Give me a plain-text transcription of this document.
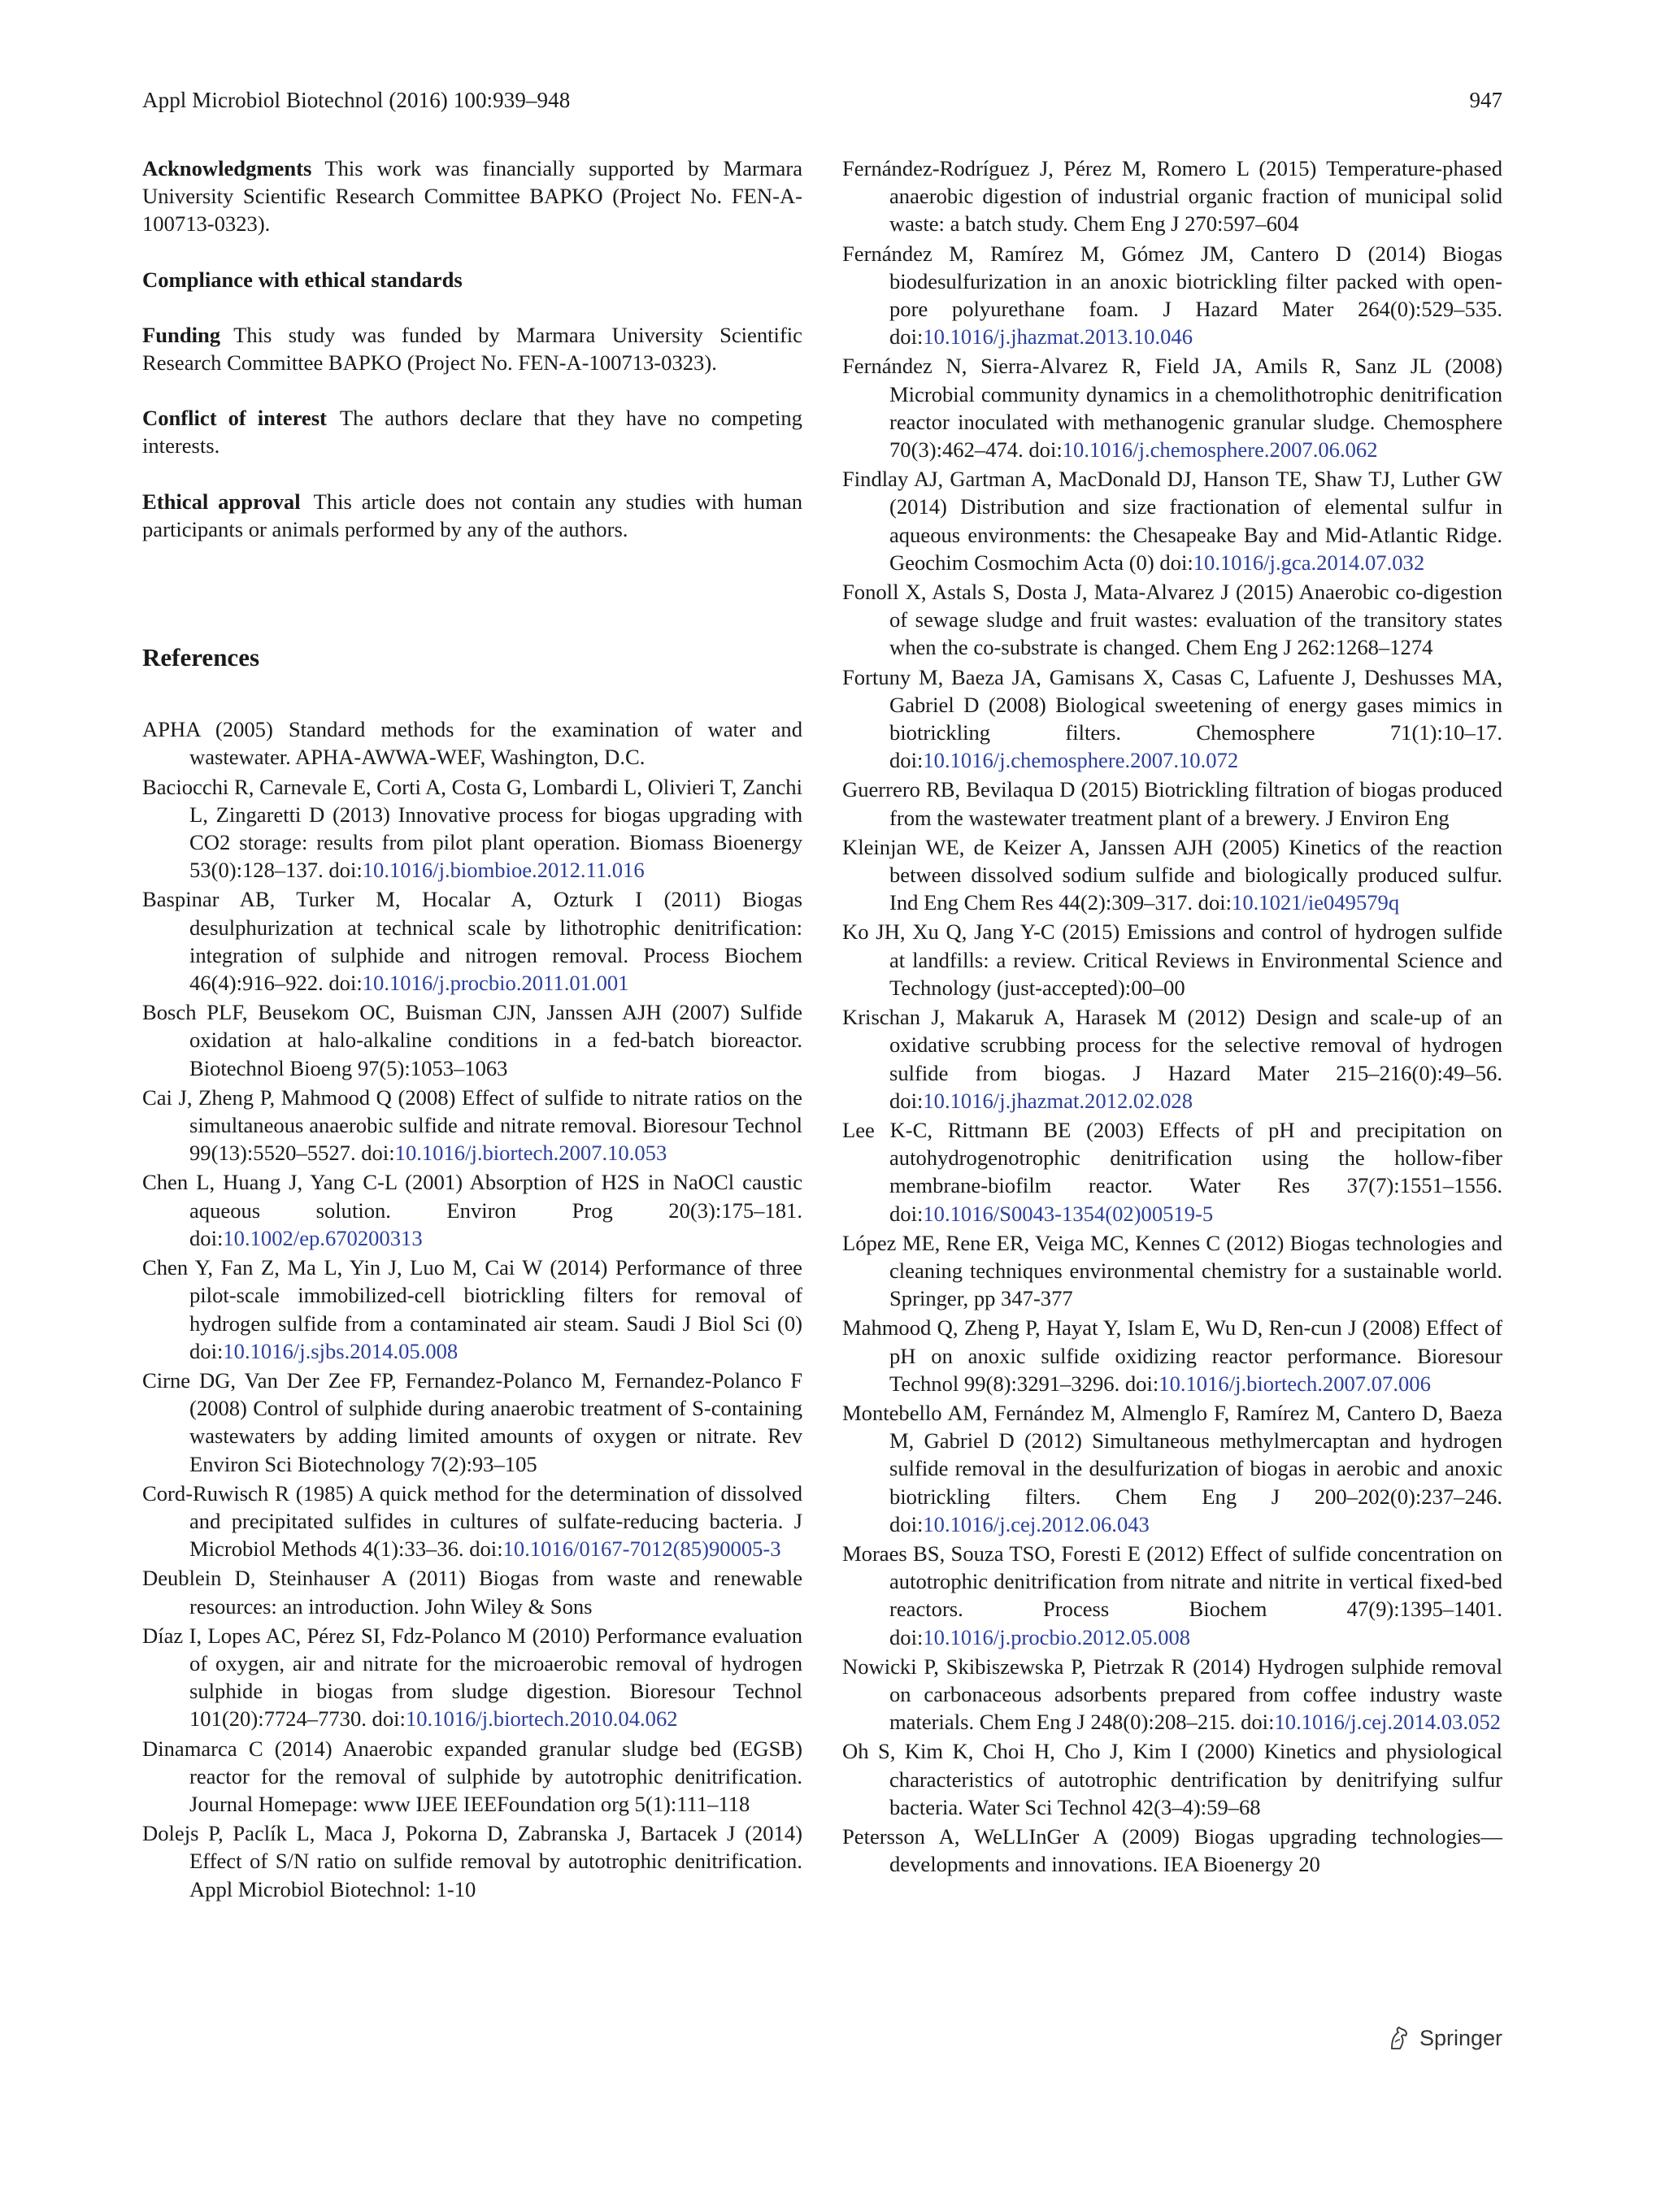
Appl Microbiol Biotechnol (2016) 100:939–948	947

Acknowledgments This work was financially supported by Marmara University Scientific Research Committee BAPKO (Project No. FEN-A-100713-0323).

Compliance with ethical standards

Funding This study was funded by Marmara University Scientific Research Committee BAPKO (Project No. FEN-A-100713-0323).

Conflict of interest The authors declare that they have no competing interests.

Ethical approval This article does not contain any studies with human participants or animals performed by any of the authors.

References

APHA (2005) Standard methods for the examination of water and wastewater. APHA-AWWA-WEF, Washington, D.C.

Baciocchi R, Carnevale E, Corti A, Costa G, Lombardi L, Olivieri T, Zanchi L, Zingaretti D (2013) Innovative process for biogas upgrading with CO2 storage: results from pilot plant operation. Biomass Bioenergy 53(0):128–137. doi:10.1016/j.biombioe.2012.11.016

Baspinar AB, Turker M, Hocalar A, Ozturk I (2011) Biogas desulphurization at technical scale by lithotrophic denitrification: integration of sulphide and nitrogen removal. Process Biochem 46(4):916–922. doi:10.1016/j.procbio.2011.01.001

Bosch PLF, Beusekom OC, Buisman CJN, Janssen AJH (2007) Sulfide oxidation at halo-alkaline conditions in a fed-batch bioreactor. Biotechnol Bioeng 97(5):1053–1063

Cai J, Zheng P, Mahmood Q (2008) Effect of sulfide to nitrate ratios on the simultaneous anaerobic sulfide and nitrate removal. Bioresour Technol 99(13):5520–5527. doi:10.1016/j.biortech.2007.10.053

Chen L, Huang J, Yang C-L (2001) Absorption of H2S in NaOCl caustic aqueous solution. Environ Prog 20(3):175–181. doi:10.1002/ep.670200313

Chen Y, Fan Z, Ma L, Yin J, Luo M, Cai W (2014) Performance of three pilot-scale immobilized-cell biotrickling filters for removal of hydrogen sulfide from a contaminated air steam. Saudi J Biol Sci (0) doi:10.1016/j.sjbs.2014.05.008

Cirne DG, Van Der Zee FP, Fernandez-Polanco M, Fernandez-Polanco F (2008) Control of sulphide during anaerobic treatment of S-containing wastewaters by adding limited amounts of oxygen or nitrate. Rev Environ Sci Biotechnology 7(2):93–105

Cord-Ruwisch R (1985) A quick method for the determination of dissolved and precipitated sulfides in cultures of sulfate-reducing bacteria. J Microbiol Methods 4(1):33–36. doi:10.1016/0167-7012(85)90005-3

Deublein D, Steinhauser A (2011) Biogas from waste and renewable resources: an introduction. John Wiley & Sons

Díaz I, Lopes AC, Pérez SI, Fdz-Polanco M (2010) Performance evaluation of oxygen, air and nitrate for the microaerobic removal of hydrogen sulphide in biogas from sludge digestion. Bioresour Technol 101(20):7724–7730. doi:10.1016/j.biortech.2010.04.062

Dinamarca C (2014) Anaerobic expanded granular sludge bed (EGSB) reactor for the removal of sulphide by autotrophic denitrification. Journal Homepage: www IJEE IEEFoundation org 5(1):111–118

Dolejs P, Paclík L, Maca J, Pokorna D, Zabranska J, Bartacek J (2014) Effect of S/N ratio on sulfide removal by autotrophic denitrification. Appl Microbiol Biotechnol: 1-10

Fernández-Rodríguez J, Pérez M, Romero L (2015) Temperature-phased anaerobic digestion of industrial organic fraction of municipal solid waste: a batch study. Chem Eng J 270:597–604

Fernández M, Ramírez M, Gómez JM, Cantero D (2014) Biogas biodesulfurization in an anoxic biotrickling filter packed with open-pore polyurethane foam. J Hazard Mater 264(0):529–535. doi:10.1016/j.jhazmat.2013.10.046

Fernández N, Sierra-Alvarez R, Field JA, Amils R, Sanz JL (2008) Microbial community dynamics in a chemolithotrophic denitrification reactor inoculated with methanogenic granular sludge. Chemosphere 70(3):462–474. doi:10.1016/j.chemosphere.2007.06.062

Findlay AJ, Gartman A, MacDonald DJ, Hanson TE, Shaw TJ, Luther GW (2014) Distribution and size fractionation of elemental sulfur in aqueous environments: the Chesapeake Bay and Mid-Atlantic Ridge. Geochim Cosmochim Acta (0) doi:10.1016/j.gca.2014.07.032

Fonoll X, Astals S, Dosta J, Mata-Alvarez J (2015) Anaerobic co-digestion of sewage sludge and fruit wastes: evaluation of the transitory states when the co-substrate is changed. Chem Eng J 262:1268–1274

Fortuny M, Baeza JA, Gamisans X, Casas C, Lafuente J, Deshusses MA, Gabriel D (2008) Biological sweetening of energy gases mimics in biotrickling filters. Chemosphere 71(1):10–17. doi:10.1016/j.chemosphere.2007.10.072

Guerrero RB, Bevilaqua D (2015) Biotrickling filtration of biogas produced from the wastewater treatment plant of a brewery. J Environ Eng

Kleinjan WE, de Keizer A, Janssen AJH (2005) Kinetics of the reaction between dissolved sodium sulfide and biologically produced sulfur. Ind Eng Chem Res 44(2):309–317. doi:10.1021/ie049579q

Ko JH, Xu Q, Jang Y-C (2015) Emissions and control of hydrogen sulfide at landfills: a review. Critical Reviews in Environmental Science and Technology (just-accepted):00–00

Krischan J, Makaruk A, Harasek M (2012) Design and scale-up of an oxidative scrubbing process for the selective removal of hydrogen sulfide from biogas. J Hazard Mater 215–216(0):49–56. doi:10.1016/j.jhazmat.2012.02.028

Lee K-C, Rittmann BE (2003) Effects of pH and precipitation on autohydrogenotrophic denitrification using the hollow-fiber membrane-biofilm reactor. Water Res 37(7):1551–1556. doi:10.1016/S0043-1354(02)00519-5

López ME, Rene ER, Veiga MC, Kennes C (2012) Biogas technologies and cleaning techniques environmental chemistry for a sustainable world. Springer, pp 347-377

Mahmood Q, Zheng P, Hayat Y, Islam E, Wu D, Ren-cun J (2008) Effect of pH on anoxic sulfide oxidizing reactor performance. Bioresour Technol 99(8):3291–3296. doi:10.1016/j.biortech.2007.07.006

Montebello AM, Fernández M, Almenglo F, Ramírez M, Cantero D, Baeza M, Gabriel D (2012) Simultaneous methylmercaptan and hydrogen sulfide removal in the desulfurization of biogas in aerobic and anoxic biotrickling filters. Chem Eng J 200–202(0):237–246. doi:10.1016/j.cej.2012.06.043

Moraes BS, Souza TSO, Foresti E (2012) Effect of sulfide concentration on autotrophic denitrification from nitrate and nitrite in vertical fixed-bed reactors. Process Biochem 47(9):1395–1401. doi:10.1016/j.procbio.2012.05.008

Nowicki P, Skibiszewska P, Pietrzak R (2014) Hydrogen sulphide removal on carbonaceous adsorbents prepared from coffee industry waste materials. Chem Eng J 248(0):208–215. doi:10.1016/j.cej.2014.03.052

Oh S, Kim K, Choi H, Cho J, Kim I (2000) Kinetics and physiological characteristics of autotrophic dentrification by denitrifying sulfur bacteria. Water Sci Technol 42(3–4):59–68

Petersson A, WeLLInGer A (2009) Biogas upgrading technologies—developments and innovations. IEA Bioenergy 20

Springer
